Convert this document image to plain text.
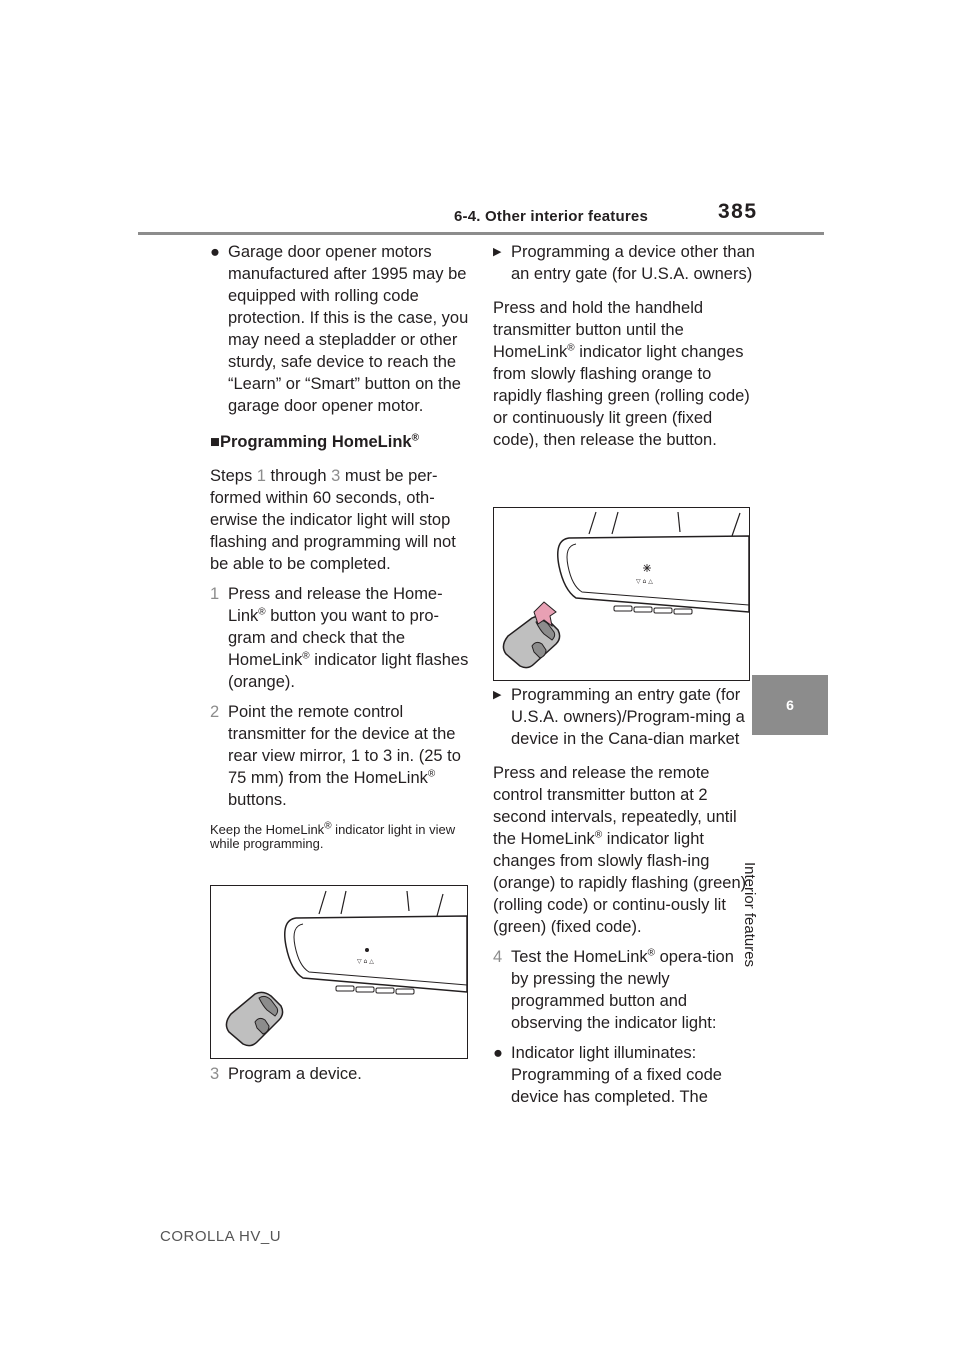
6-4. Other interior features	385
6
Interior features

● Garage door opener motors manufactured after 1995 may be equipped with rolling code protection. If this is the case, you may need a stepladder or other sturdy, safe device to reach the “Learn” or “Smart” button on the garage door opener motor.

■Programming HomeLink®

Steps 1 through 3 must be per-formed within 60 seconds, oth-erwise the indicator light will stop flashing and programming will not be able to be completed.

1 Press and release the Home-Link® button you want to pro-gram and check that the HomeLink® indicator light flashes (orange).

2 Point the remote control transmitter for the device at the rear view mirror, 1 to 3 in. (25 to 75 mm) from the HomeLink® buttons.

Keep the HomeLink® indicator light in view while programming.

▽ ⌂ △

3 Program a device.

▶ Programming a device other than an entry gate (for U.S.A. owners)

Press and hold the handheld transmitter button until the HomeLink® indicator light changes from slowly flashing orange to rapidly flashing green (rolling code) or continuously lit green (fixed code), then release the button.

▽ ⌂ △

▶ Programming an entry gate (for U.S.A. owners)/Program-ming a device in the Cana-dian market

Press and release the remote control transmitter button at 2 second intervals, repeatedly, until the HomeLink® indicator light changes from slowly flash-ing (orange) to rapidly flashing (green) (rolling code) or continu-ously lit (green) (fixed code).

4 Test the HomeLink® opera-tion by pressing the newly programmed button and observing the indicator light:

● Indicator light illuminates: Programming of a fixed code device has completed. The

COROLLA HV_U
